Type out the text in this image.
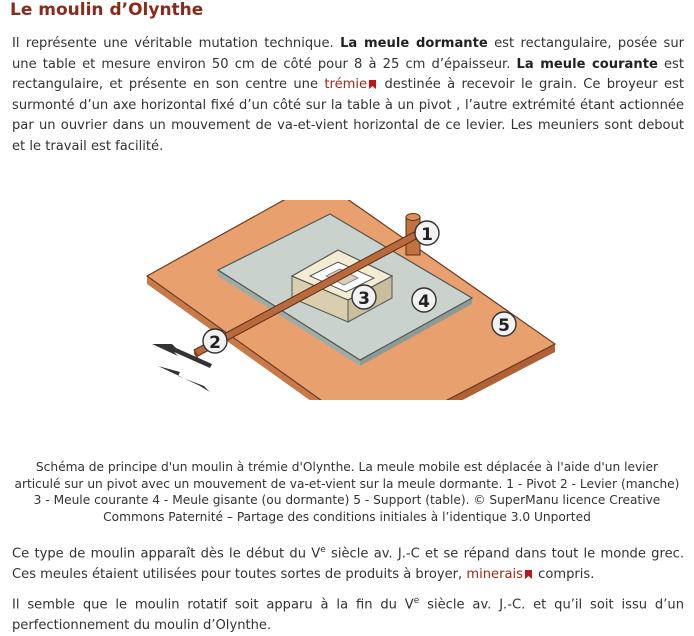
Le moulin d’Olynthe

Il représente une véritable mutation technique. La meule dormante est rectangulaire, posée sur une table et mesure environ 50 cm de côté pour 8 à 25 cm d’épaisseur. La meule courante est rectangulaire, et présente en son centre une trémie
destinée à recevoir le grain. Ce broyeur est surmonté d’un axe horizontal fixé d’un côté sur la table à un pivot , l’autre extrémité étant actionnée par un ouvrier dans un mouvement de va-et-vient horizontal de ce levier. Les meuniers sont debout et le travail est facilité.

1
2
3	4
5

Schéma de principe d'un moulin à trémie d'Olynthe. La meule mobile est déplacée à l'aide d'un levier articulé sur un pivot avec un mouvement de va-et-vient sur la meule dormante. 1 - Pivot 2 - Levier (manche) 3 - Meule courante 4 - Meule gisante (ou dormante) 5 - Support (table). © SuperManu licence Creative Commons Paternité – Partage des conditions initiales à l’identique 3.0 Unported

Ce type de moulin apparaît dès le début du Ve siècle av. J.-C et se répand dans tout le monde grec. Ces meules étaient utilisées pour toutes sortes de produits à broyer, minerais
compris.

Il semble que le moulin rotatif soit apparu à la fin du Ve siècle av. J.-C. et qu’il soit issu d’un perfectionnement du moulin d’Olynthe.
